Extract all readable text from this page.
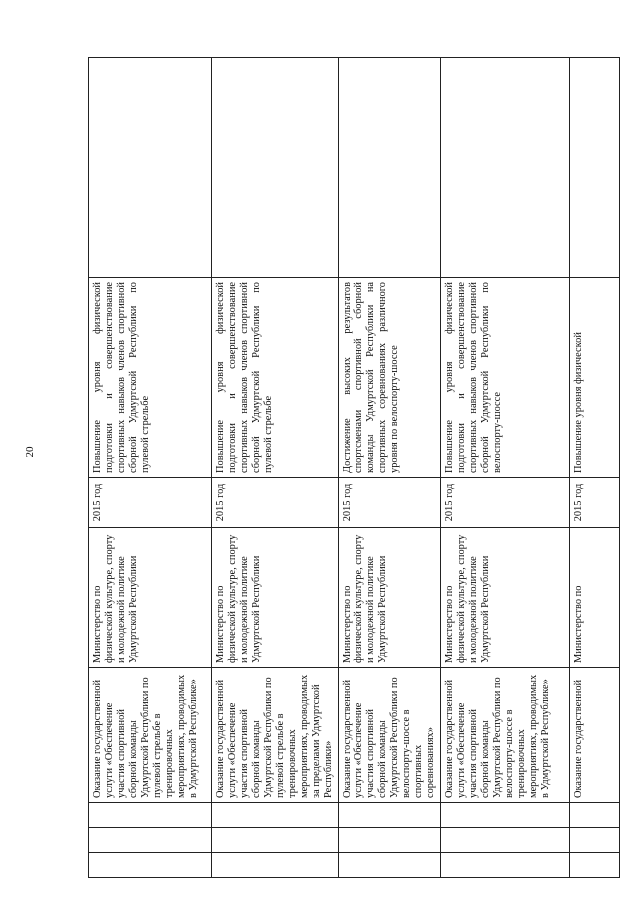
20
			Оказание государственной услуги «Обеспечение участия спортивной сборной команды Удмуртской Республики по пулевой стрельбе в тренировочных мероприятиях, проводимых в Удмуртской Республике»	Министерство по физической культуре, спорту и молодежной политике Удмуртской Республики	2015 год	Повышение уровня физической подготовки и совершенствование спортивных навыков членов спортивной сборной Удмуртской Республики по пулевой стрельбе	
			Оказание государственной услуги «Обеспечение участия спортивной сборной команды Удмуртской Республики по пулевой стрельбе в тренировочных мероприятиях, проводимых за пределами Удмуртской Республики»	Министерство по физической культуре, спорту и молодежной политике Удмуртской Республики	2015 год	Повышение уровня физической подготовки и совершенствование спортивных навыков членов спортивной сборной Удмуртской Республики по пулевой стрельбе	
			Оказание государственной услуги «Обеспечение участия спортивной сборной команды Удмуртской Республики по велоспорту-шоссе в спортивных соревнованиях»	Министерство по физической культуре, спорту и молодежной политике Удмуртской Республики	2015 год	Достижение высоких результатов спортсменами спортивной сборной команды Удмуртской Республики на спортивных соревнованиях различного уровня по велоспорту-шоссе	
			Оказание государственной услуги «Обеспечение участия спортивной сборной команды Удмуртской Республики по велоспорту-шоссе в тренировочных мероприятиях, проводимых в Удмуртской Республике»	Министерство по физической культуре, спорту и молодежной политике Удмуртской Республики	2015 год	Повышение уровня физической подготовки и совершенствование спортивных навыков членов спортивной сборной Удмуртской Республики по велоспорту-шоссе	
			Оказание государственной	Министерство по	2015 год	Повышение уровня физической	
